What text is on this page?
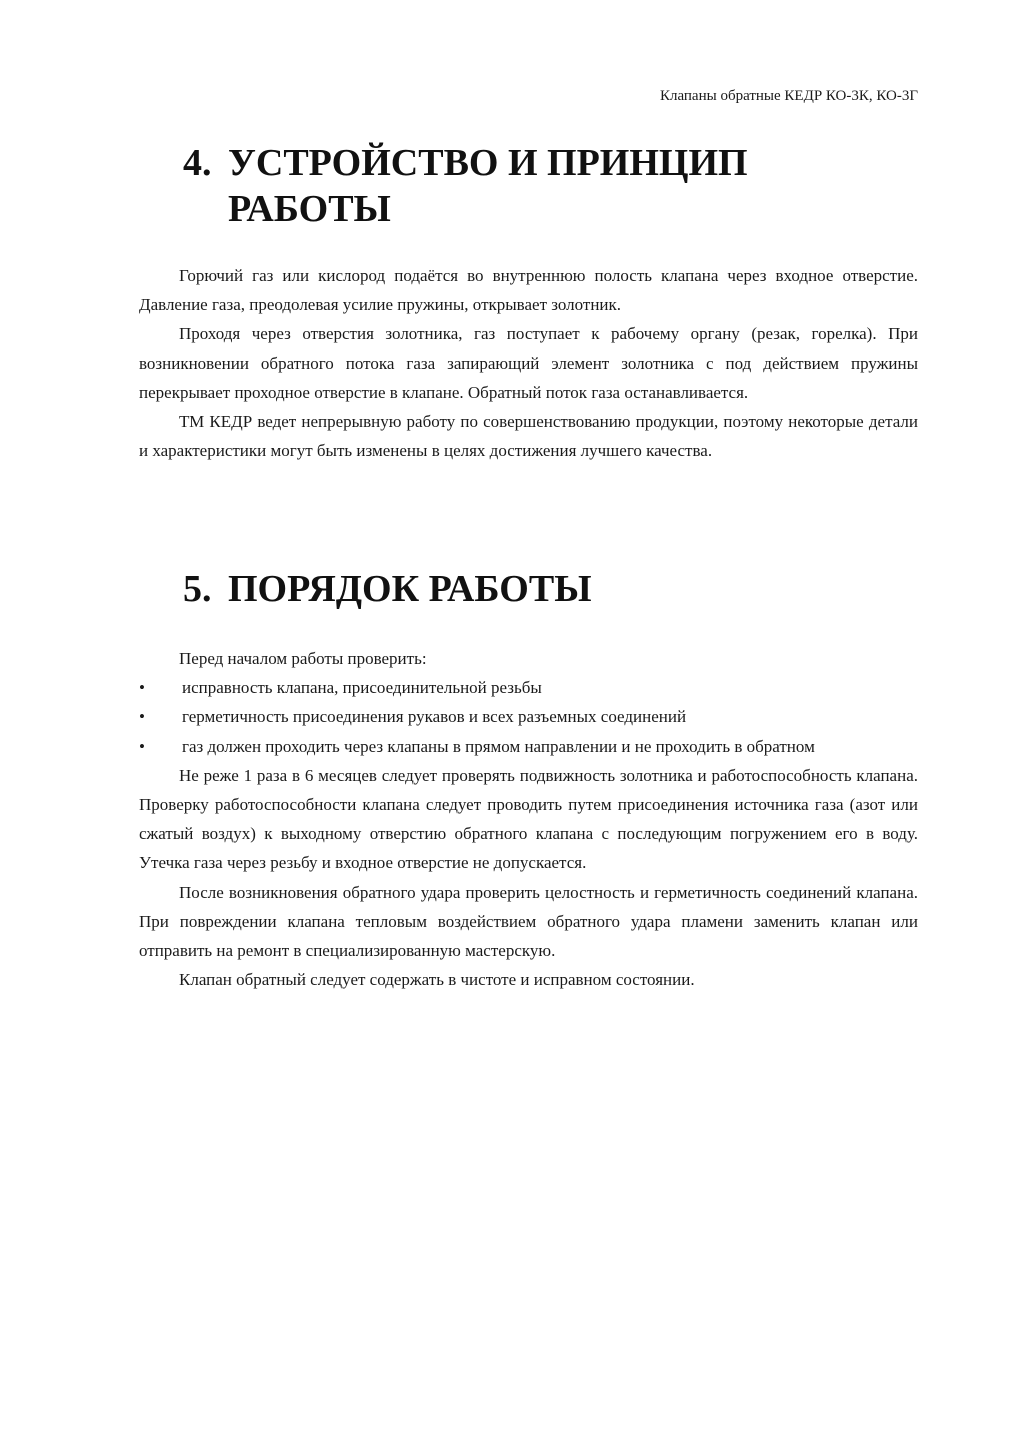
Клапаны обратные КЕДР КО-3К, КО-3Г
4. УСТРОЙСТВО И ПРИНЦИП РАБОТЫ

Горючий газ или кислород подаётся во внутреннюю полость клапана через входное отверстие. Давление газа, преодолевая усилие пружины, открывает золотник.

Проходя через отверстия золотника, газ поступает к рабочему органу (резак, горелка). При возникновении обратного потока газа запирающий элемент золотника с под действием пружины перекрывает проходное отверстие в клапане. Обратный поток газа останавливается.

ТМ КЕДР ведет непрерывную работу по совершенствованию продукции, поэтому некоторые детали и характеристики могут быть изменены в целях достижения лучшего качества.

5. ПОРЯДОК РАБОТЫ

Перед началом работы проверить:

• исправность клапана, присоединительной резьбы
• герметичность присоединения рукавов и всех разъемных соединений
• газ должен проходить через клапаны в прямом направлении и не проходить в обратном

Не реже 1 раза в 6 месяцев следует проверять подвижность золотника и работоспособность клапана. Проверку работоспособности клапана следует проводить путем присоединения источника газа (азот или сжатый воздух) к выходному отверстию обратного клапана с последующим погружением его в воду. Утечка газа через резьбу и входное отверстие не допускается.

После возникновения обратного удара проверить целостность и герметичность соединений клапана. При повреждении клапана тепловым воздействием обратного удара пламени заменить клапан или отправить на ремонт в специализированную мастерскую.

Клапан обратный следует содержать в чистоте и исправном состоянии.
